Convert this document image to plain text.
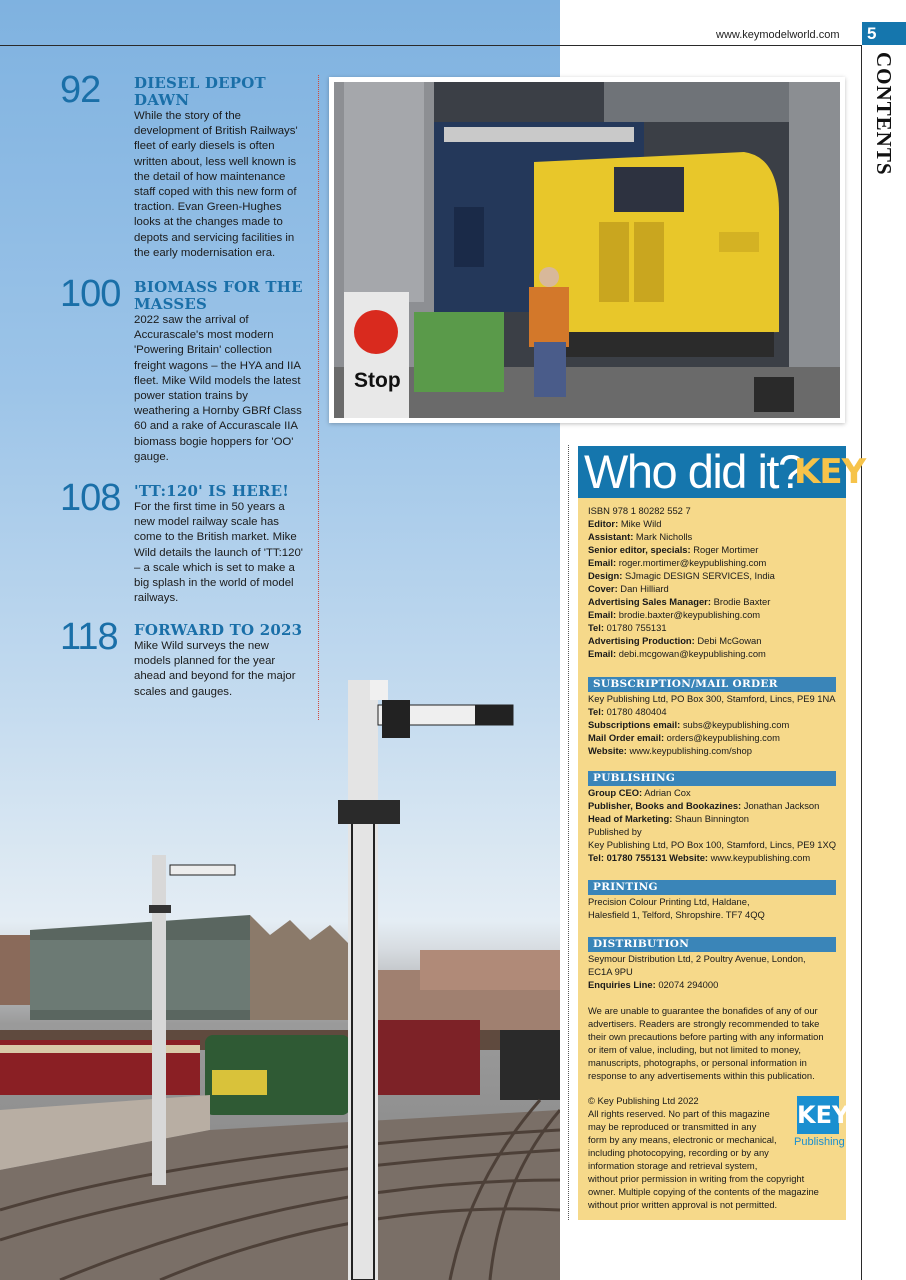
www.keymodelworld.com 5
CONTENTS
92 DIESEL DEPOT DAWN

While the story of the development of British Railways' fleet of early diesels is often written about, less well known is the detail of how maintenance staff coped with this new form of traction. Evan Green-Hughes looks at the changes made to depots and servicing facilities in the early modernisation era.

100 BIOMASS FOR THE MASSES

2022 saw the arrival of Accurascale's most modern 'Powering Britain' collection freight wagons – the HYA and IIA fleet. Mike Wild models the latest power station trains by weathering a Hornby GBRf Class 60 and a rake of Accurascale IIA biomass bogie hoppers for 'OO' gauge.

108 'TT:120' IS HERE!

For the first time in 50 years a new model railway scale has come to the British market. Mike Wild details the launch of 'TT:120' – a scale which is set to make a big splash in the world of model railways.

118 FORWARD TO 2023

Mike Wild surveys the new models planned for the year ahead and beyond for the major scales and gauges.

Stop
Who did it?
KEY
ISBN 978 1 80282 552 7
Editor: Mike Wild
Assistant: Mark Nicholls
Senior editor, specials: Roger Mortimer
Email: roger.mortimer@keypublishing.com
Design: SJmagic DESIGN SERVICES, India
Cover: Dan Hilliard
Advertising Sales Manager: Brodie Baxter
Email: brodie.baxter@keypublishing.com
Tel: 01780 755131
Advertising Production: Debi McGowan
Email: debi.mcgowan@keypublishing.com
SUBSCRIPTION/MAIL ORDER
Key Publishing Ltd, PO Box 300, Stamford, Lincs, PE9 1NA
Tel: 01780 480404
Subscriptions email: subs@keypublishing.com
Mail Order email: orders@keypublishing.com
Website: www.keypublishing.com/shop
PUBLISHING
Group CEO: Adrian Cox
Publisher, Books and Bookazines: Jonathan Jackson
Head of Marketing: Shaun Binnington
Published by
Key Publishing Ltd, PO Box 100, Stamford, Lincs, PE9 1XQ
Tel: 01780 755131 Website: www.keypublishing.com
PRINTING
Precision Colour Printing Ltd, Haldane,
Halesfield 1, Telford, Shropshire. TF7 4QQ
DISTRIBUTION
Seymour Distribution Ltd, 2 Poultry Avenue, London,
EC1A 9PU
Enquiries Line: 02074 294000
We are unable to guarantee the bonafides of any of our
advertisers. Readers are strongly recommended to take
their own precautions before parting with any information
or item of value, including, but not limited to money,
manuscripts, photographs, or personal information in
response to any advertisements within this publication.
© Key Publishing Ltd 2022
All rights reserved. No part of this magazine
may be reproduced or transmitted in any
form by any means, electronic or mechanical,
including photocopying, recording or by any
information storage and retrieval system,
without prior permission in writing from the copyright
owner. Multiple copying of the contents of the magazine
without prior written approval is not permitted.
KEY
Publishing
